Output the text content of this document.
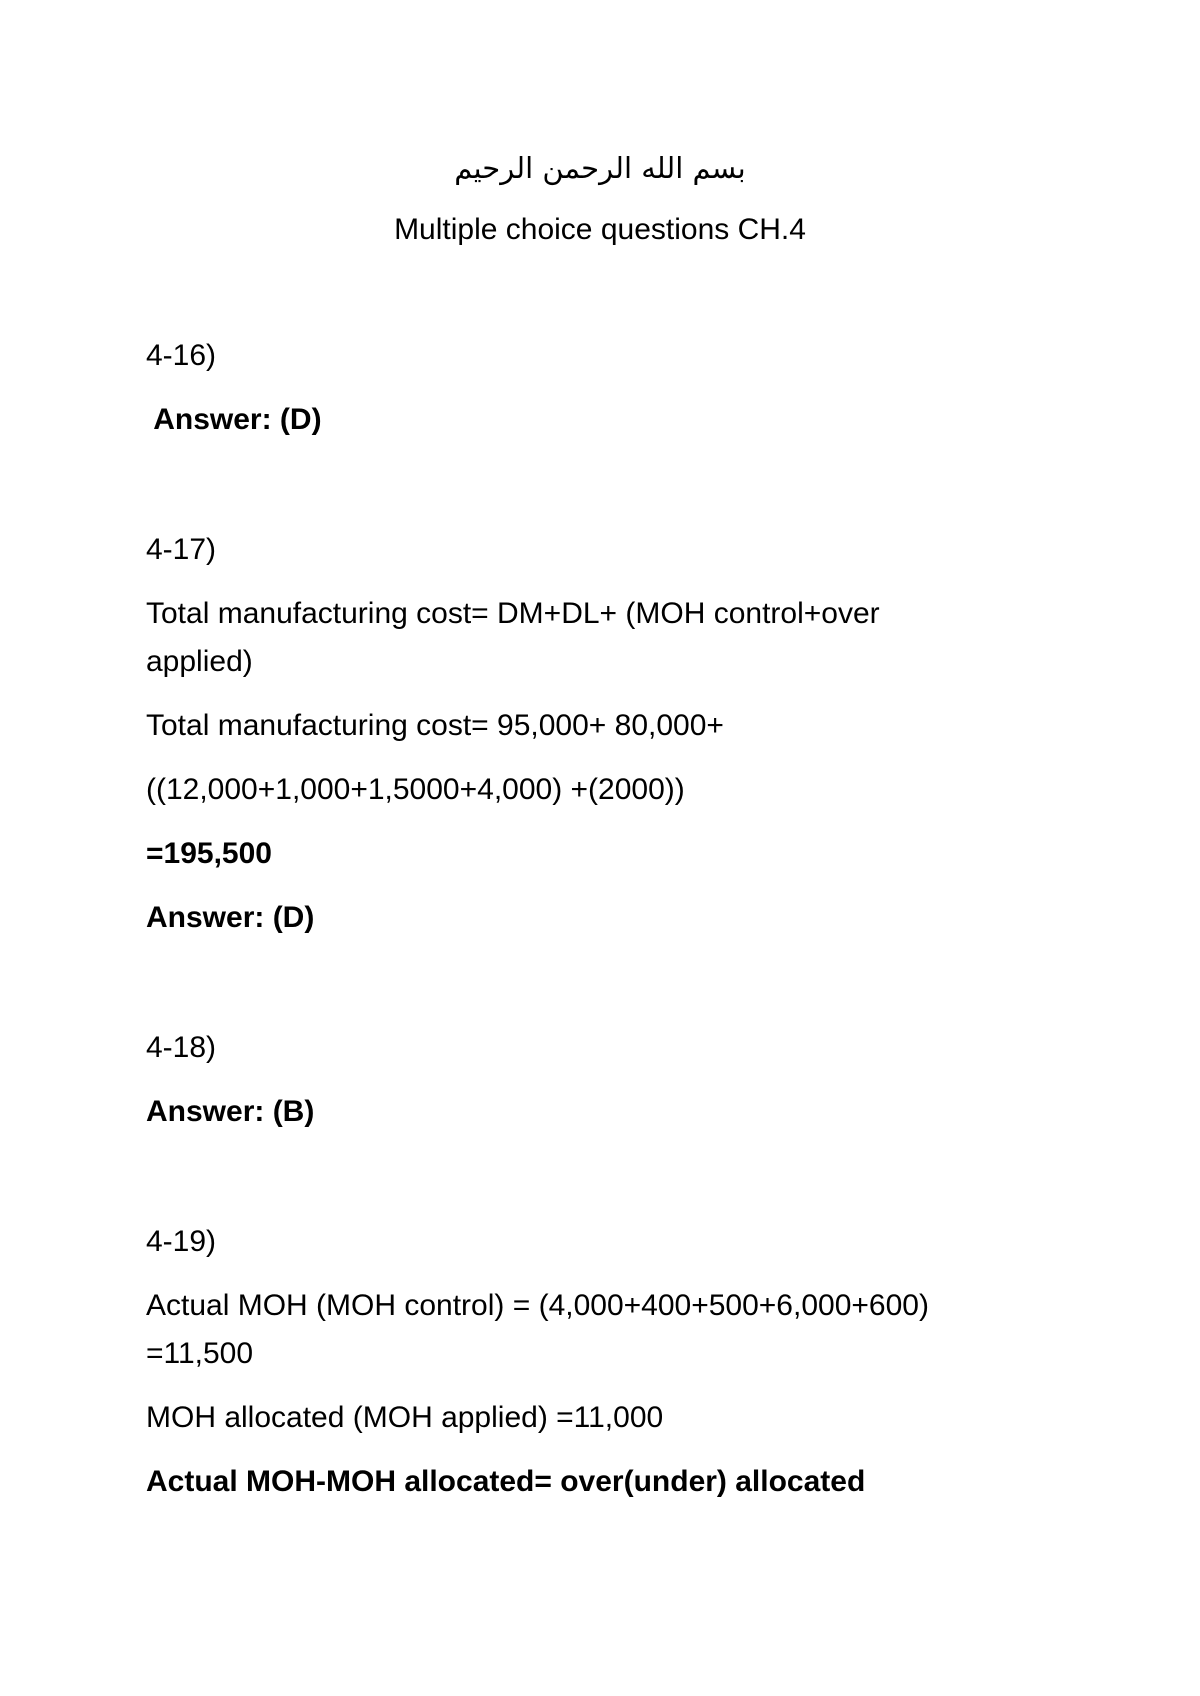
بسم الله الرحمن الرحيم
Multiple choice questions CH.4
4-16)
Answer: (D)
4-17)
Total manufacturing cost= DM+DL+ (MOH control+over
applied)
Total manufacturing cost= 95,000+ 80,000+
((12,000+1,000+1,5000+4,000) +(2000))
=195,500
Answer: (D)
4-18)
Answer: (B)
4-19)
Actual MOH (MOH control) = (4,000+400+500+6,000+600)
=11,500
MOH allocated (MOH applied) =11,000
Actual MOH-MOH allocated= over(under) allocated
